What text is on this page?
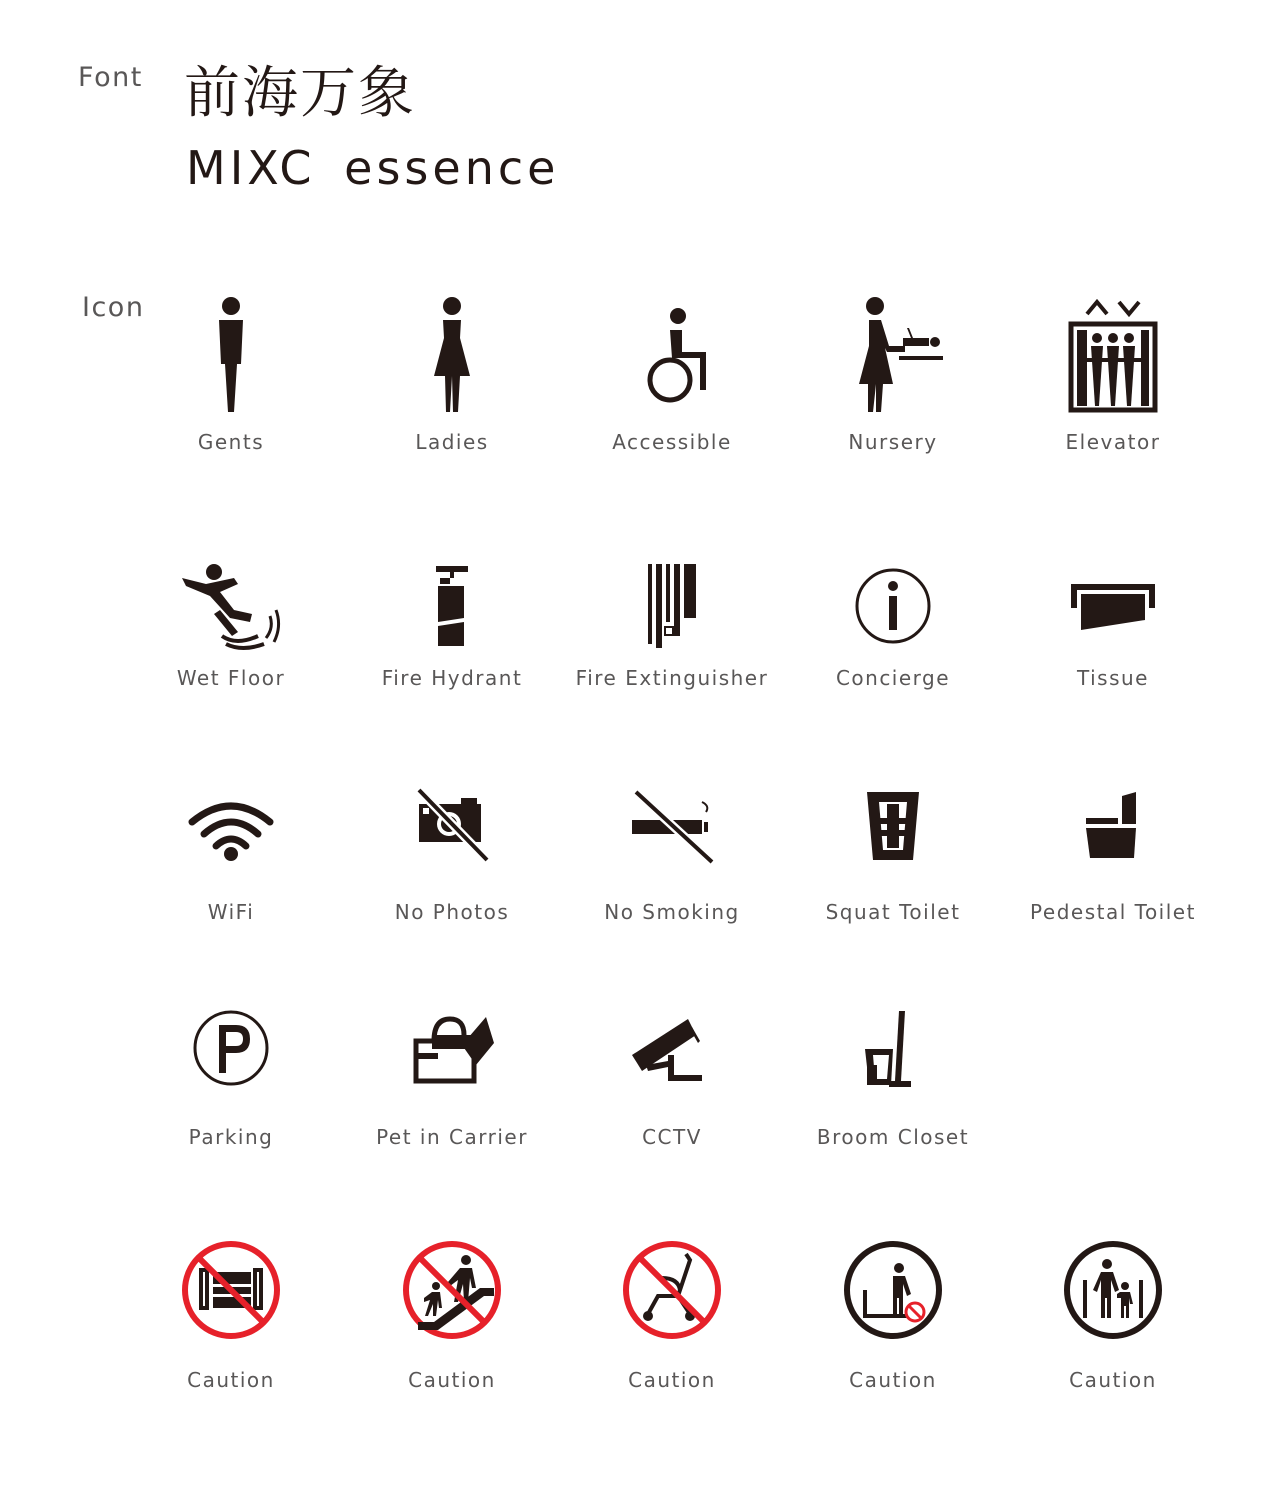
Font 前海万象
MIXC essence
Icon
Gents	Ladies	Accessible	Nursery	Elevator
Wet Floor	Fire Hydrant	Fire Extinguisher	Concierge	Tissue
WiFi	No Photos	No Smoking	Squat Toilet	Pedestal Toilet
Parking	Pet in Carrier	CCTV	Broom Closet
Caution	Caution	Caution	Caution	Caution
